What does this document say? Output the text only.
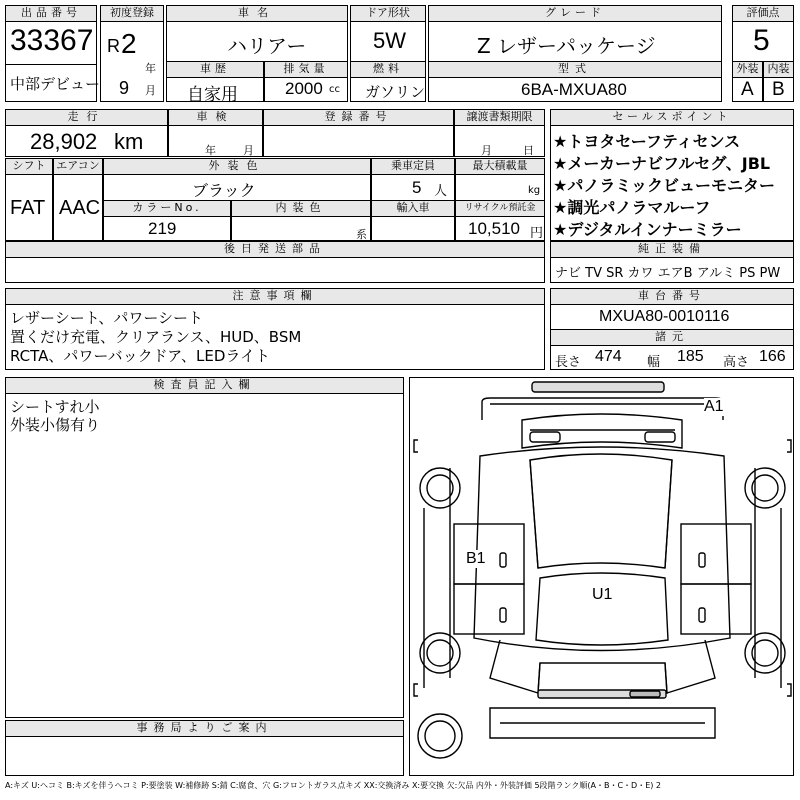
出品番号
33367
中部デビュー
初度登録
R 2
年
9 月
車名
ハリアー
ドア形状
5W
グレード
Z レザーパッケージ
評価点
5
車歴
自家用
排気量
2000 cc
燃料
ガソリン
型式
6BA-MXUA80
外装 内装
A B
走行
28,902 km
車検
年 月
登録番号	譲渡書類期限
月	日
シフト
FAT
エアコン
AAC
外装色
ブラック
乗車定員
5 人
最大積載量
kg
カラーNo.
219
内装色
系
輸入車	リサイクル預託金
10,510 円
後日発送部品
セールスポイント
★トヨタセーフティセンス
★メーカーナビフルセグ、JBL
★パノラミックビューモニター
★調光パノラマルーフ
★デジタルインナーミラー
純正装備
ナビ TV SR カワ エアB アルミ PS PW
注意事項欄
レザーシート、パワーシート
置くだけ充電、クリアランス、HUD、BSM
RCTA、パワーバックドア、LEDライト
車台番号
MXUA80-0010116
諸元
長さ 474 幅 185 高さ 166
検査員記入欄
シートすれ小
外装小傷有り
事務局よりご案内
A1
B1
U1
A:キズ U:ヘコミ B:キズを伴うヘコミ P:要塗装 W:補修跡 S:錆 C:腐食、穴 G:フロントガラス点キズ XX:交換済み X:要交換 欠:欠品 内外・外装評価 5段階ランク順(A・B・C・D・E) 2
